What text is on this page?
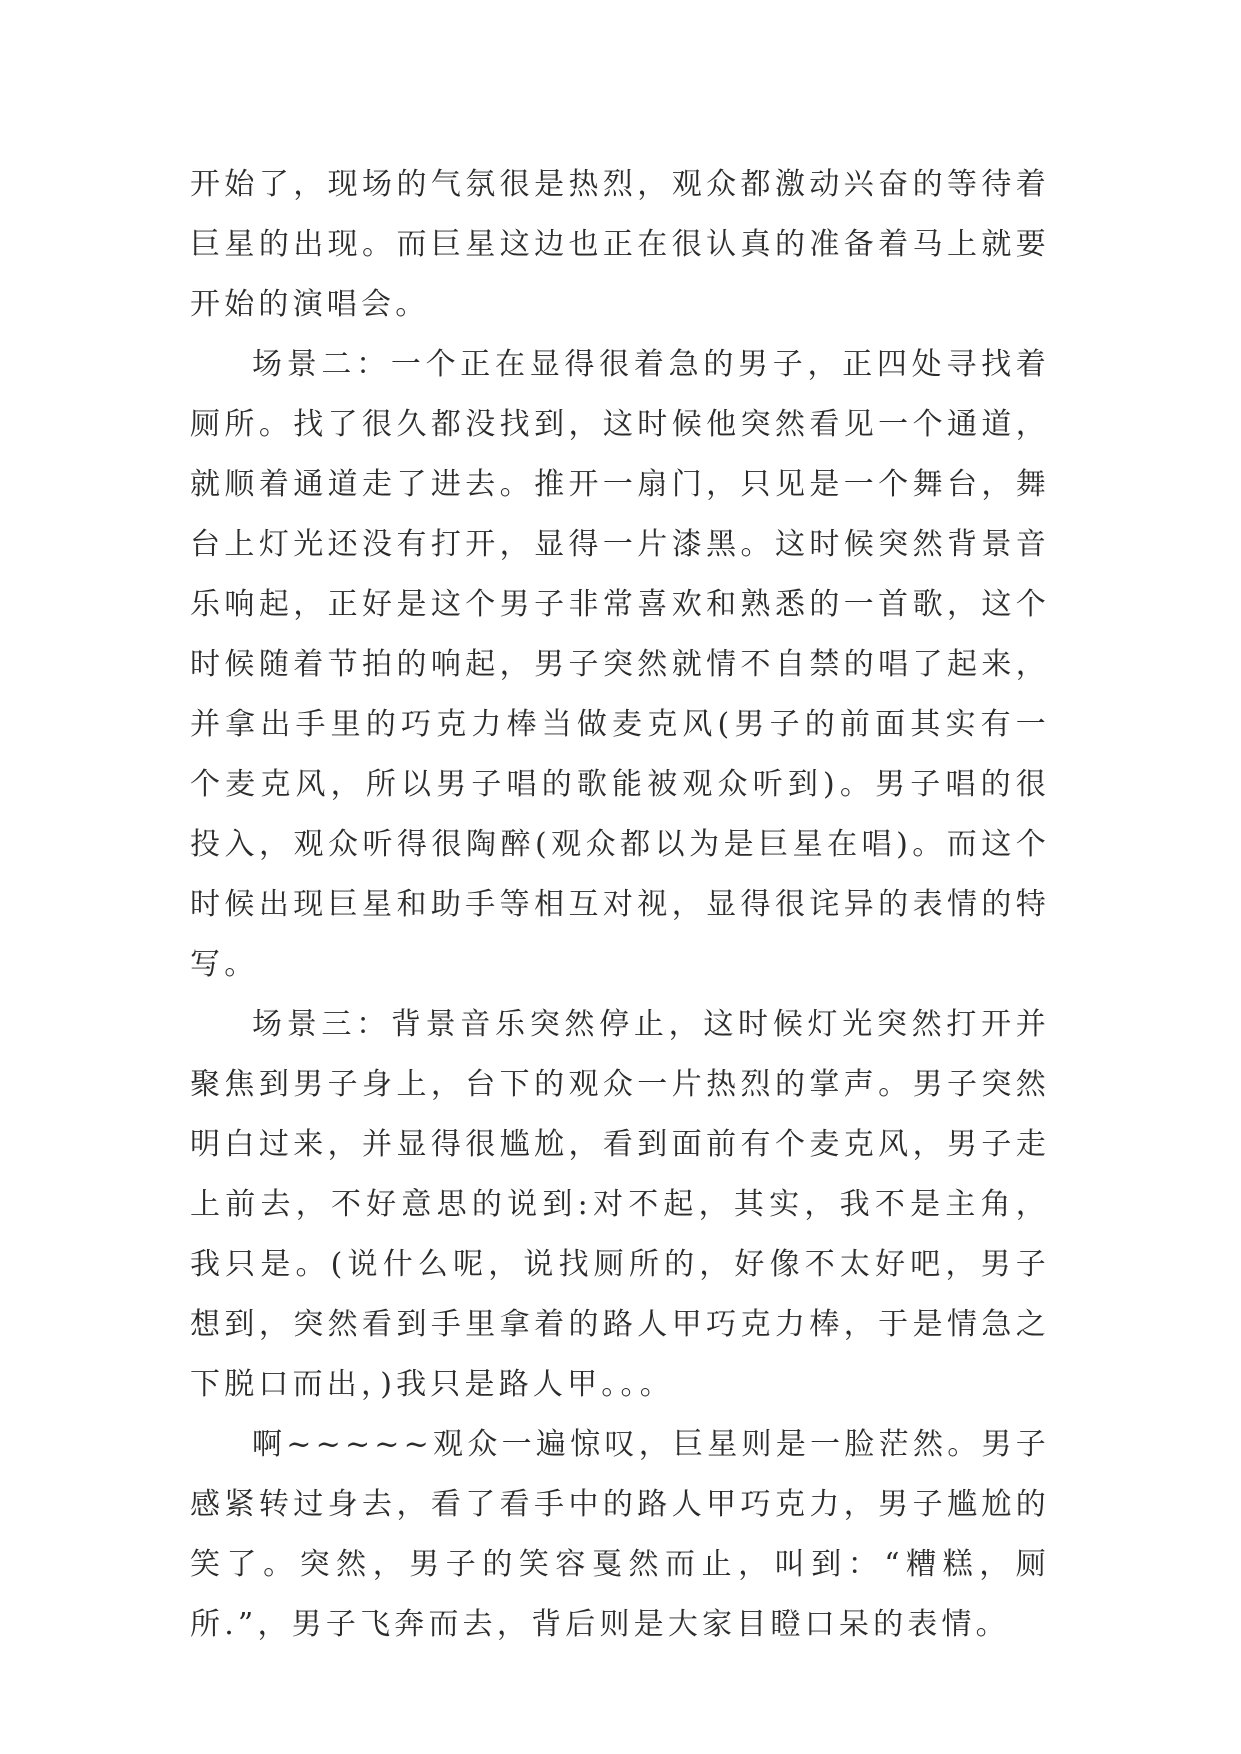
开始了，现场的气氛很是热烈，观众都激动兴奋的等待着巨星的出现。而巨星这边也正在很认真的准备着马上就要开始的演唱会。

场景二：一个正在显得很着急的男子，正四处寻找着厕所。找了很久都没找到，这时候他突然看见一个通道，就顺着通道走了进去。推开一扇门，只见是一个舞台，舞台上灯光还没有打开，显得一片漆黑。这时候突然背景音乐响起，正好是这个男子非常喜欢和熟悉的一首歌，这个时候随着节拍的响起，男子突然就情不自禁的唱了起来，并拿出手里的巧克力棒当做麦克风(男子的前面其实有一个麦克风，所以男子唱的歌能被观众听到)。男子唱的很投入，观众听得很陶醉(观众都以为是巨星在唱)。而这个时候出现巨星和助手等相互对视，显得很诧异的表情的特写。

场景三：背景音乐突然停止，这时候灯光突然打开并聚焦到男子身上，台下的观众一片热烈的掌声。男子突然明白过来，并显得很尴尬，看到面前有个麦克风，男子走上前去，不好意思的说到:对不起，其实，我不是主角，我只是。(说什么呢，说找厕所的，好像不太好吧，男子想到，突然看到手里拿着的路人甲巧克力棒，于是情急之下脱口而出，)我只是路人甲。。。

啊~~~~~观众一遍惊叹，巨星则是一脸茫然。男子感紧转过身去，看了看手中的路人甲巧克力，男子尴尬的笑了。突然，男子的笑容戛然而止，叫到：“糟糕，厕所.”，男子飞奔而去，背后则是大家目瞪口呆的表情。
